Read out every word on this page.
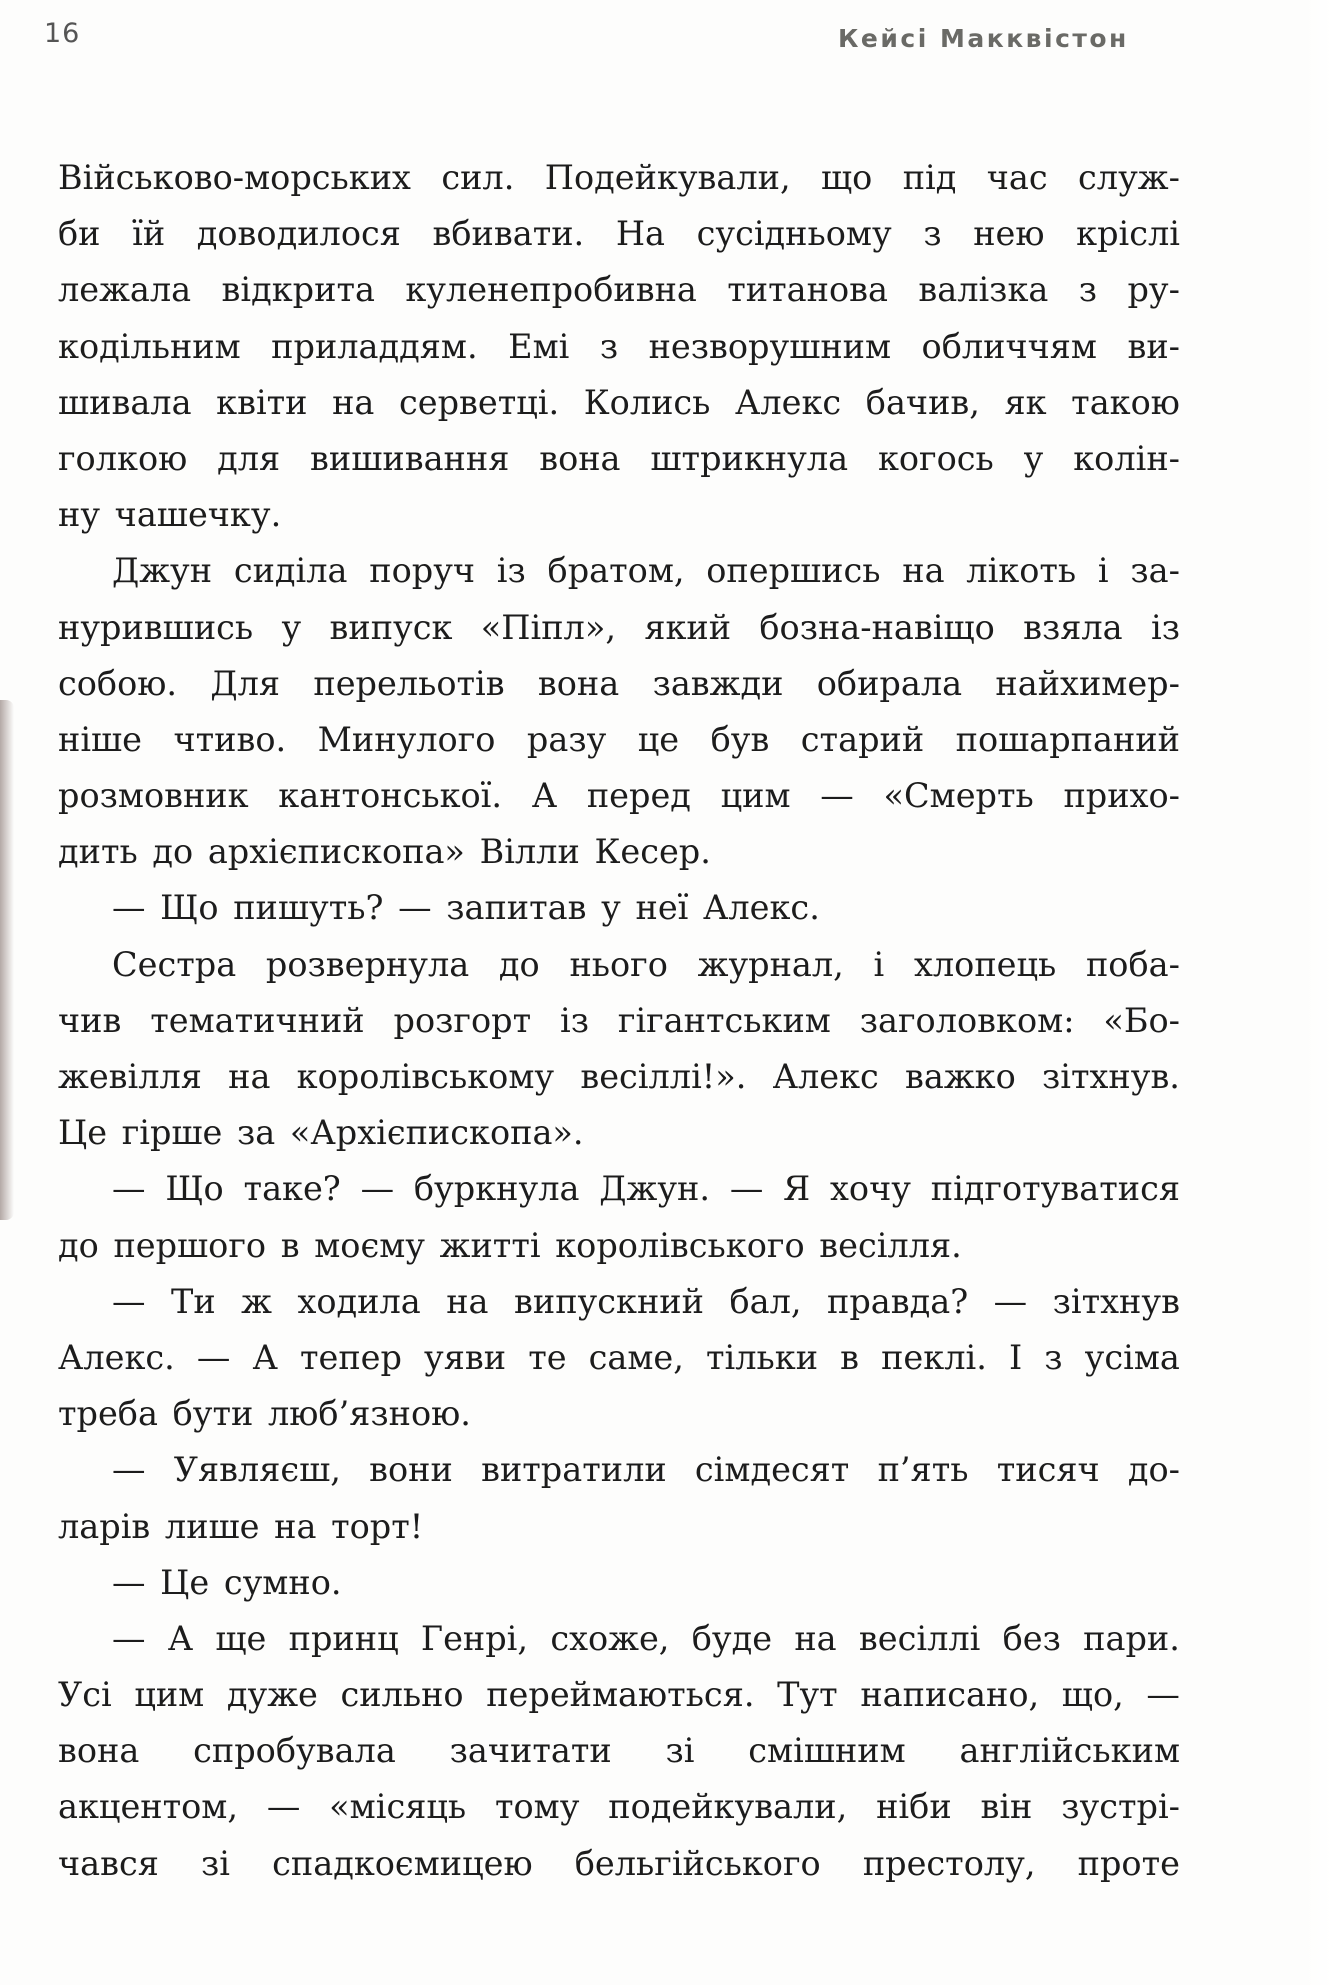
16	Кейсі Макквістон
Військово-морських сил. Подейкували, що під час служ-
би їй доводилося вбивати. На сусідньому з нею кріслі
лежала відкрита куленепробивна титанова валізка з ру-
кодільним приладдям. Емі з незворушним обличчям ви-
шивала квіти на серветці. Колись Алекс бачив, як такою
голкою для вишивання вона штрикнула когось у колін-
ну чашечку.
Джун сиділа поруч із братом, опершись на лікоть і за-
нурившись у випуск «Піпл», який бозна-навіщо взяла із
собою. Для перельотів вона завжди обирала найхимер-
ніше чтиво. Минулого разу це був старий пошарпаний
розмовник кантонської. А перед цим — «Смерть прихо-
дить до архієпископа» Вілли Кесер.
— Що пишуть? — запитав у неї Алекс.
Сестра розвернула до нього журнал, і хлопець поба-
чив тематичний розгорт із гігантським заголовком: «Бо-
жевілля на королівському весіллі!». Алекс важко зітхнув.
Це гірше за «Архієпископа».
— Що таке? — буркнула Джун. — Я хочу підготуватися
до першого в моєму житті королівського весілля.
— Ти ж ходила на випускний бал, правда? — зітхнув
Алекс. — А тепер уяви те саме, тільки в пеклі. І з усіма
треба бути люб’язною.
— Уявляєш, вони витратили сімдесят п’ять тисяч до-
ларів лише на торт!
— Це сумно.
— А ще принц Генрі, схоже, буде на весіллі без пари.
Усі цим дуже сильно переймаються. Тут написано, що, —
вона спробувала зачитати зі смішним англійським
акцентом, — «місяць тому подейкували, ніби він зустрі-
чався зі спадкоємицею бельгійського престолу, проте
